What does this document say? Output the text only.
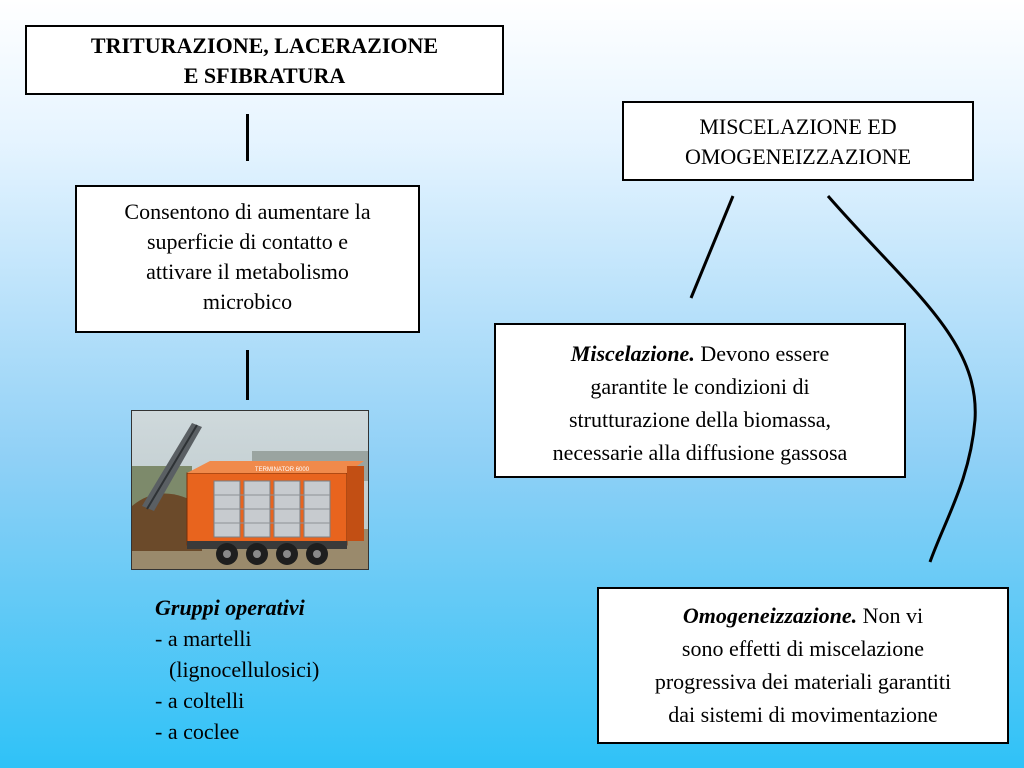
TRITURAZIONE, LACERAZIONE
E SFIBRATURA
Consentono di aumentare la
superficie di contatto e
attivare il metabolismo
microbico
TERMINATOR 6000
Gruppi operativi
- a martelli
(lignocellulosici)
- a coltelli
- a coclee
MISCELAZIONE ED
OMOGENEIZZAZIONE
Miscelazione. Devono essere
garantite le condizioni di
strutturazione della biomassa,
necessarie alla diffusione gassosa
Omogeneizzazione. Non vi
sono effetti di miscelazione
progressiva dei materiali garantiti
dai sistemi di movimentazione
